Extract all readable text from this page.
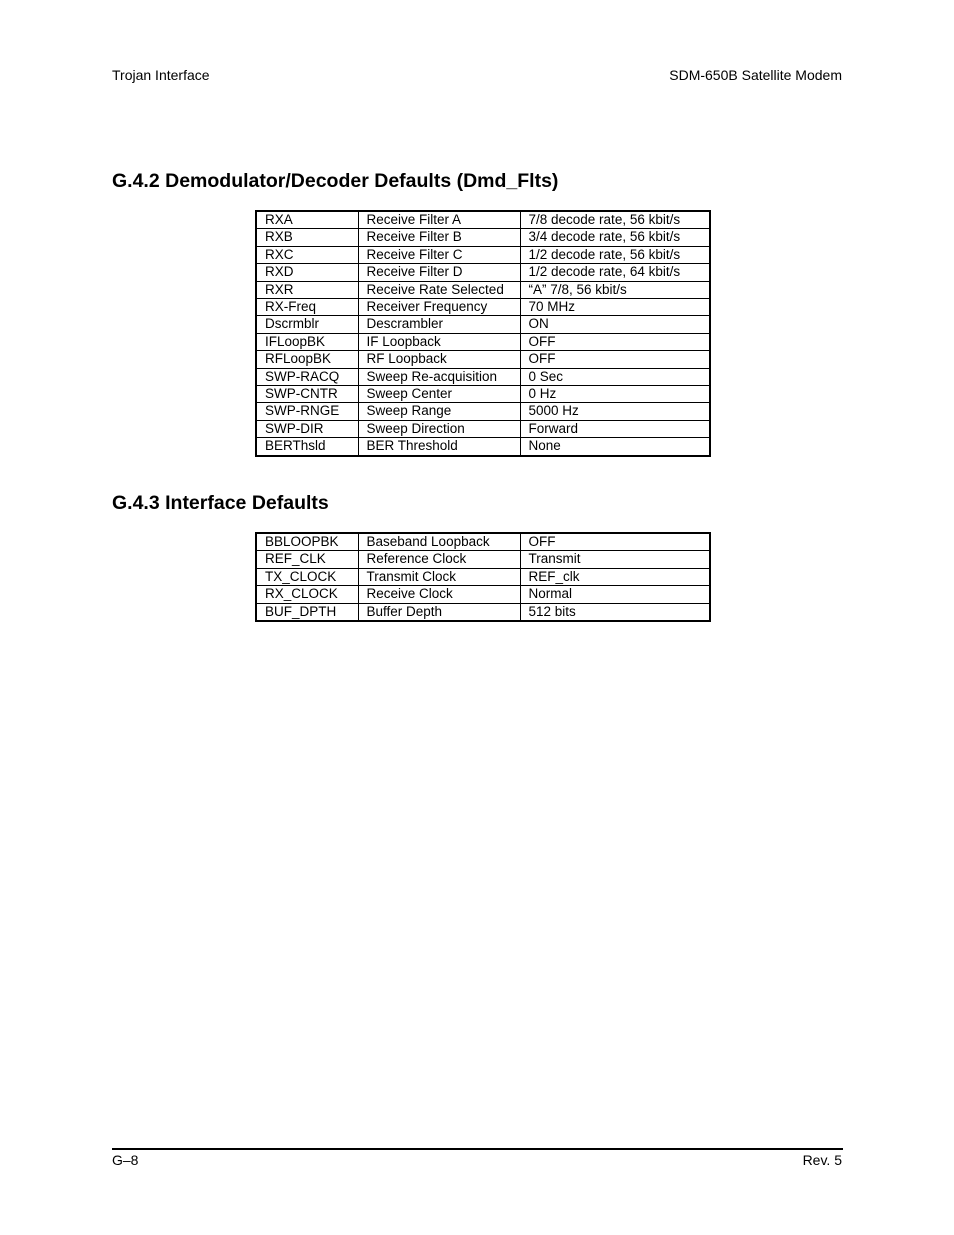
Trojan Interface	SDM-650B Satellite Modem
G.4.2 Demodulator/Decoder Defaults (Dmd_Flts)
RXA	Receive Filter A	7/8 decode rate, 56 kbit/s
RXB	Receive Filter B	3/4 decode rate, 56 kbit/s
RXC	Receive Filter C	1/2 decode rate, 56 kbit/s
RXD	Receive Filter D	1/2 decode rate, 64 kbit/s
RXR	Receive Rate Selected	“A” 7/8, 56 kbit/s
RX-Freq	Receiver Frequency	70 MHz
Dscrmblr	Descrambler	ON
IFLoopBK	IF Loopback	OFF
RFLoopBK	RF Loopback	OFF
SWP-RACQ	Sweep Re-acquisition	0 Sec
SWP-CNTR	Sweep Center	0 Hz
SWP-RNGE	Sweep Range	5000 Hz
SWP-DIR	Sweep Direction	Forward
BERThsld	BER Threshold	None
G.4.3 Interface Defaults
BBLOOPBK	Baseband Loopback	OFF
REF_CLK	Reference Clock	Transmit
TX_CLOCK	Transmit Clock	REF_clk
RX_CLOCK	Receive Clock	Normal
BUF_DPTH	Buffer Depth	512 bits
G–8	Rev. 5
